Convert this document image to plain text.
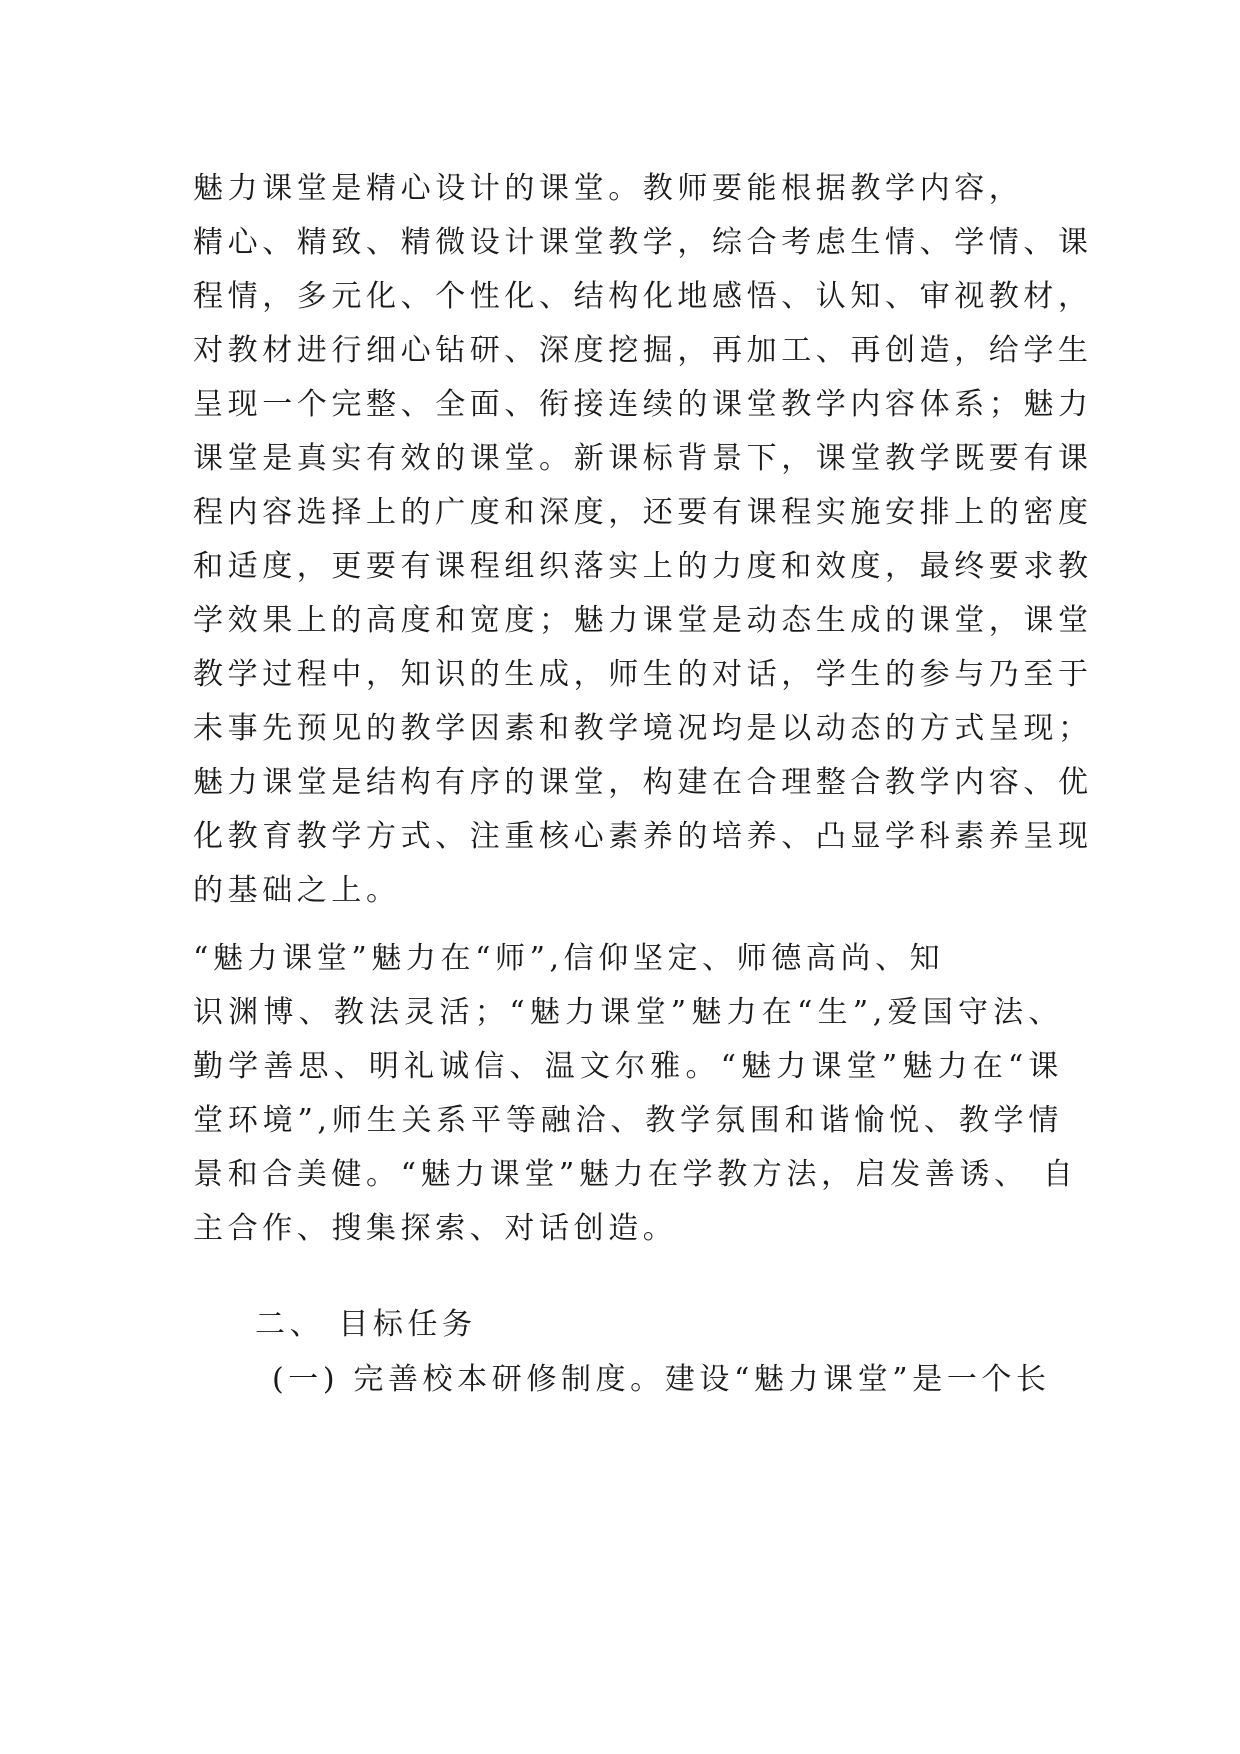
魅力课堂是精心设计的课堂。教师要能根据教学内容，
精心、精致、精微设计课堂教学，综合考虑生情、学情、课
程情，多元化、个性化、结构化地感悟、认知、审视教材，
对教材进行细心钻研、深度挖掘，再加工、再创造，给学生
呈现一个完整、全面、衔接连续的课堂教学内容体系；魅力
课堂是真实有效的课堂。新课标背景下，课堂教学既要有课
程内容选择上的广度和深度，还要有课程实施安排上的密度
和适度，更要有课程组织落实上的力度和效度，最终要求教
学效果上的高度和宽度；魅力课堂是动态生成的课堂，课堂
教学过程中，知识的生成，师生的对话，学生的参与乃至于
未事先预见的教学因素和教学境况均是以动态的方式呈现；
魅力课堂是结构有序的课堂，构建在合理整合教学内容、优
化教育教学方式、注重核心素养的培养、凸显学科素养呈现
的基础之上。
“魅力课堂”魅力在“师”,信仰坚定、师德高尚、知
识渊博、教法灵活；“魅力课堂”魅力在“生”,爱国守法、
勤学善思、明礼诚信、温文尔雅。“魅力课堂”魅力在“课
堂环境”,师生关系平等融洽、教学氛围和谐愉悦、教学情
景和合美健。“魅力课堂”魅力在学教方法，启发善诱、 自
主合作、搜集探索、对话创造。
二、 目标任务
(一) 完善校本研修制度。建设“魅力课堂”是一个长
